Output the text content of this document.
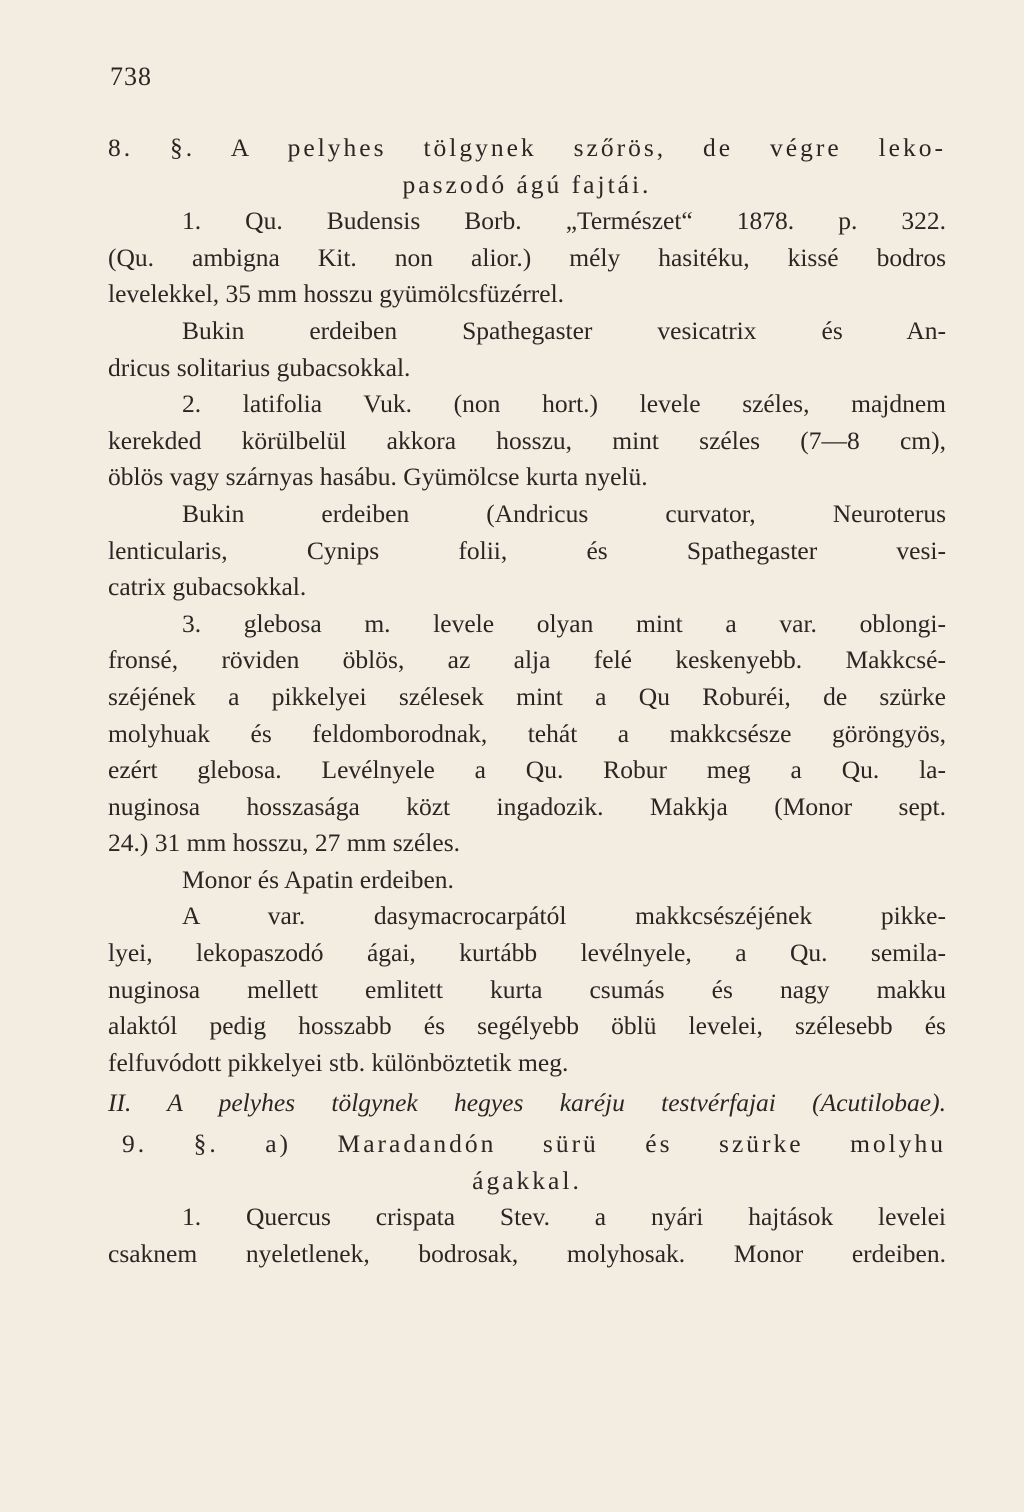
738
8. §. A pelyhes tölgynek szőrös, de végre leko-
paszodó ágú fajtái.
1. Qu. Budensis Borb. „Természet“ 1878. p. 322.
(Qu. ambigna Kit. non alior.) mély hasitéku, kissé bodros
levelekkel, 35 mm hosszu gyümölcsfüzérrel.
Bukin erdeiben Spathegaster vesicatrix és An-
dricus solitarius gubacsokkal.
2. latifolia Vuk. (non hort.) levele széles, majdnem
kerekded körülbelül akkora hosszu, mint széles (7—8 cm),
öblös vagy szárnyas hasábu. Gyümölcse kurta nyelü.
Bukin erdeiben (Andricus curvator, Neuroterus
lenticularis, Cynips folii, és Spathegaster vesi-
catrix gubacsokkal.
3. glebosa m. levele olyan mint a var. oblongi-
fronsé, röviden öblös, az alja felé keskenyebb. Makkcsé-
széjének a pikkelyei szélesek mint a Qu Roburéi, de szürke
molyhuak és feldomborodnak, tehát a makkcsésze göröngyös,
ezért glebosa. Levélnyele a Qu. Robur meg a Qu. la-
nuginosa hosszasága közt ingadozik. Makkja (Monor sept.
24.) 31 mm hosszu, 27 mm széles.
Monor és Apatin erdeiben.
A var. dasymacrocarpától makkcsészéjének pikke-
lyei, lekopaszodó ágai, kurtább levélnyele, a Qu. semila-
nuginosa mellett emlitett kurta csumás és nagy makku
alaktól pedig hosszabb és segélyebb öblü levelei, szélesebb és
felfuvódott pikkelyei stb. különböztetik meg.
II. A pelyhes tölgynek hegyes karéju testvérfajai (Acutilobae).
9. §. a) Maradandón sürü és szürke molyhu
ágakkal.
1. Quercus crispata Stev. a nyári hajtások levelei
csaknem nyeletlenek, bodrosak, molyhosak. Monor erdeiben.
